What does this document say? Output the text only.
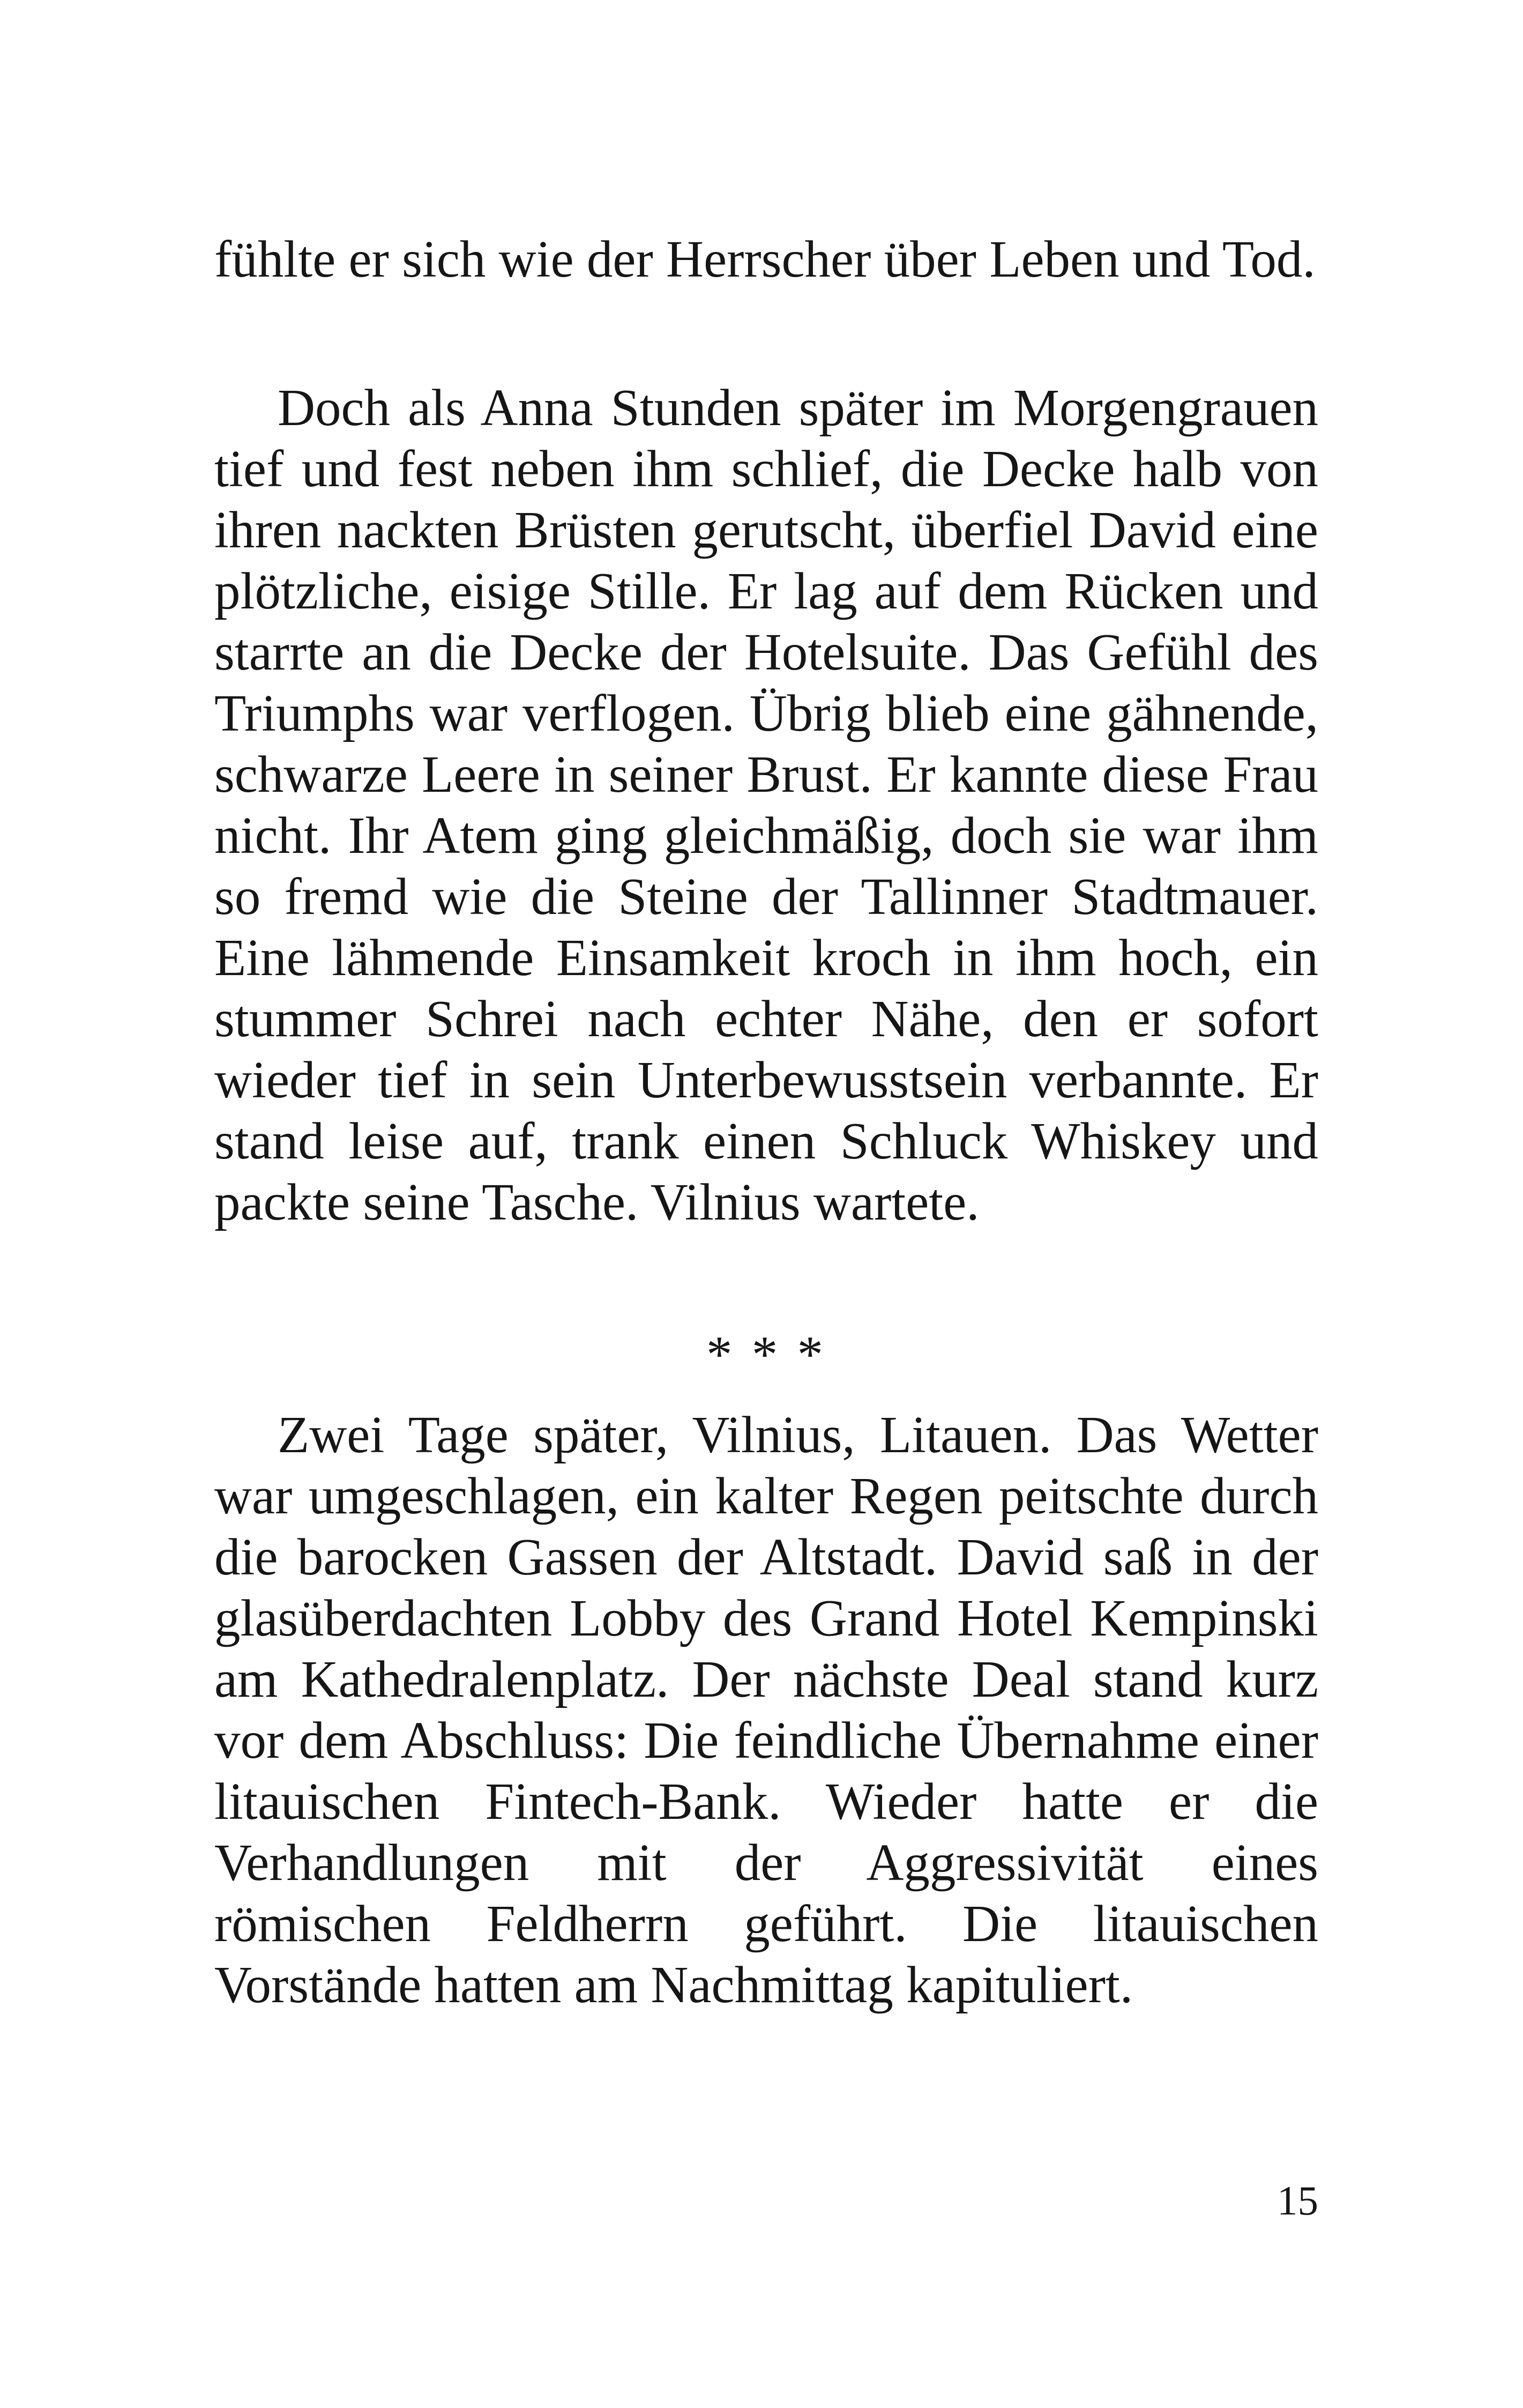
fühlte er sich wie der Herrscher über Leben und Tod.

Doch als Anna Stunden später im Morgengrauen tief und fest neben ihm schlief, die Decke halb von ihren nackten Brüsten gerutscht, überfiel David eine plötzliche, eisige Stille. Er lag auf dem Rücken und starrte an die Decke der Hotelsuite. Das Gefühl des Triumphs war verflogen. Übrig blieb eine gähnende, schwarze Leere in seiner Brust. Er kannte diese Frau nicht. Ihr Atem ging gleichmäßig, doch sie war ihm so fremd wie die Steine der Tallinner Stadtmauer. Eine lähmende Einsamkeit kroch in ihm hoch, ein stummer Schrei nach echter Nähe, den er sofort wieder tief in sein Unterbewusstsein verbannte. Er stand leise auf, trank einen Schluck Whiskey und packte seine Tasche. Vilnius wartete.

* * *

Zwei Tage später, Vilnius, Litauen. Das Wetter war umgeschlagen, ein kalter Regen peitschte durch die barocken Gassen der Altstadt. David saß in der glasüberdachten Lobby des Grand Hotel Kempinski am Kathedralenplatz. Der nächste Deal stand kurz vor dem Abschluss: Die feindliche Übernahme einer litauischen Fintech-Bank. Wieder hatte er die Verhandlungen mit der Aggressivität eines römischen Feldherrn geführt. Die litauischen Vorstände hatten am Nachmittag kapituliert.

15
